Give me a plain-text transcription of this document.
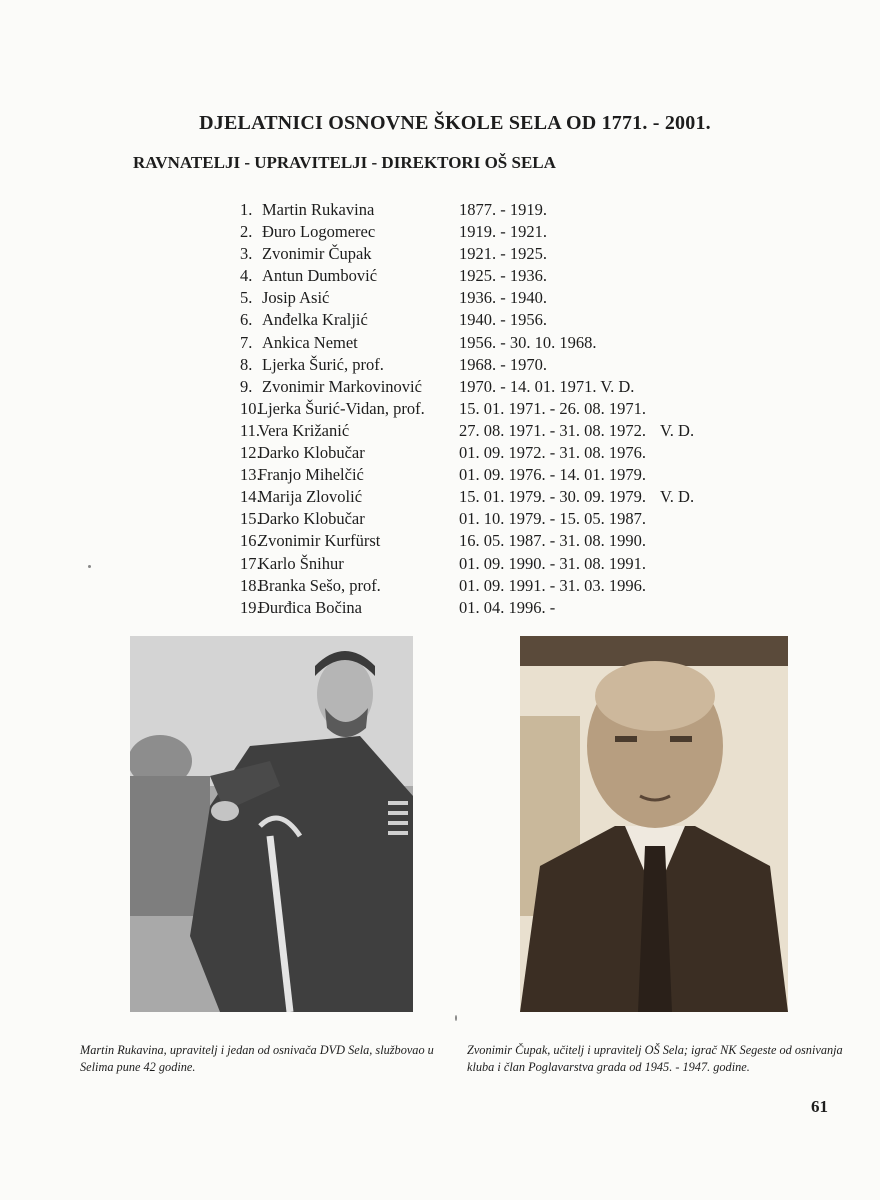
DJELATNICI OSNOVNE ŠKOLE SELA OD 1771. - 2001.
RAVNATELJI - UPRAVITELJI - DIREKTORI OŠ SELA
1. Martin Rukavina	1877. - 1919.
2. Đuro Logomerec	1919. - 1921.
3. Zvonimir Čupak	1921. - 1925.
4. Antun Dumbović	1925. - 1936.
5. Josip Asić	1936. - 1940.
6. Anđelka Kraljić	1940. - 1956.
7. Ankica Nemet	1956. - 30. 10. 1968.
8. Ljerka Šurić, prof.	1968. - 1970.
9. Zvonimir Markovinović 1970. - 14. 01. 1971. V. D.
10.
Ljerka Šurić-Vidan, prof. 15. 01. 1971. - 26. 08. 1971.
11.
Vera Križanić	27. 08. 1971. - 31. 08. 1972. V. D.
12.
Darko Klobučar	01. 09. 1972. - 31. 08. 1976.
13.
Franjo Mihelčić	01. 09. 1976. - 14. 01. 1979.
14.
Marija Zlovolić	15. 01. 1979. - 30. 09. 1979. V. D.
15.
Darko Klobučar	01. 10. 1979. - 15. 05. 1987.
16.
Zvonimir Kurfürst	16. 05. 1987. - 31. 08. 1990.
17.
Karlo Šnihur	01. 09. 1990. - 31. 08. 1991.
18.
Branka Sešo, prof.	01. 09. 1991. - 31. 03. 1996.
19.
Đurđica Bočina	01. 04. 1996. -
Martin Rukavina, upravitelj i jedan od osnivača DVD Sela, službovao u Selima pune 42 godine.
Zvonimir Čupak, učitelj i upravitelj OŠ Sela; igrač NK Segeste od osnivanja kluba i član Poglavarstva grada od 1945. - 1947. godine.
61
